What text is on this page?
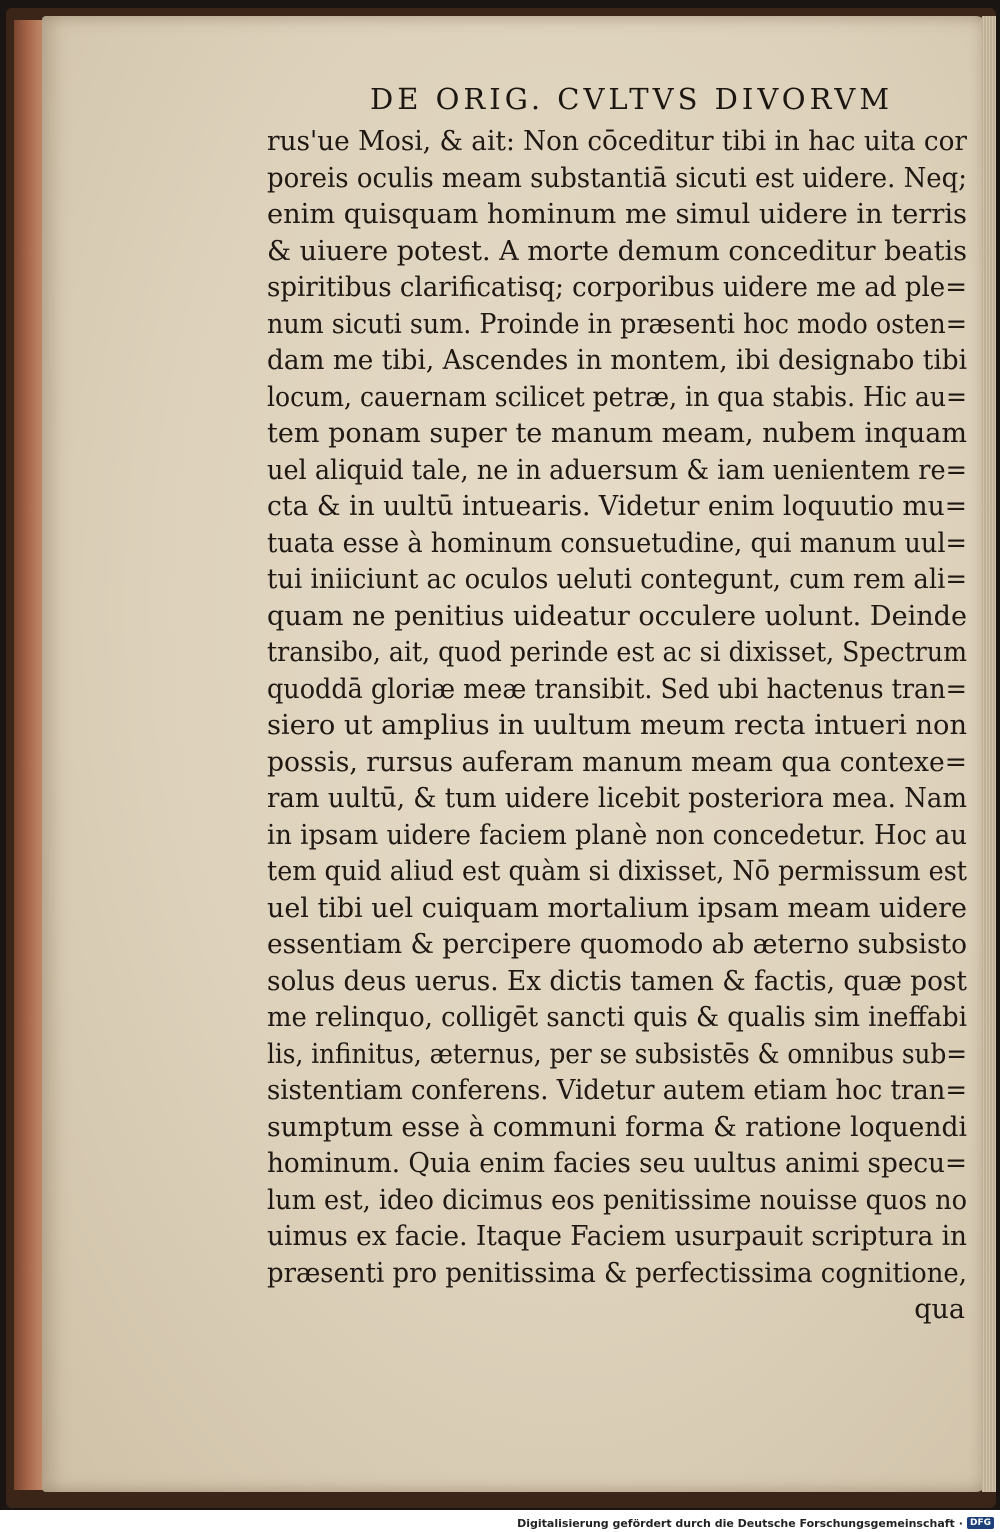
DE ORIG. CVLTVS DIVORVM
rus'ue Mosi, & ait: Non cōceditur tibi in hac uita cor
poreis oculis meam substantiā sicuti est uidere. Neq;
enim quisquam hominum me simul uidere in terris
& uiuere potest. A morte demum conceditur beatis
spiritibus clarificatisq; corporibus uidere me ad ple=
num sicuti sum. Proinde in præsenti hoc modo osten=
dam me tibi, Ascendes in montem, ibi designabo tibi
locum, cauernam scilicet petræ, in qua stabis. Hic au=
tem ponam super te manum meam, nubem inquam
uel aliquid tale, ne in aduersum & iam uenientem re=
cta & in uultū intuearis. Videtur enim loquutio mu=
tuata esse à hominum consuetudine, qui manum uul=
tui iniiciunt ac oculos ueluti contegunt, cum rem ali=
quam ne penitius uideatur occulere uolunt. Deinde
transibo, ait, quod perinde est ac si dixisset, Spectrum
quoddā gloriæ meæ transibit. Sed ubi hactenus tran=
siero ut amplius in uultum meum recta intueri non
possis, rursus auferam manum meam qua contexe=
ram uultū, & tum uidere licebit posteriora mea. Nam
in ipsam uidere faciem planè non concedetur. Hoc au
tem quid aliud est quàm si dixisset, Nō permissum est
uel tibi uel cuiquam mortalium ipsam meam uidere
essentiam & percipere quomodo ab æterno subsisto
solus deus uerus. Ex dictis tamen & factis, quæ post
me relinquo, colligēt sancti quis & qualis sim ineffabi
lis, infinitus, æternus, per se subsistēs & omnibus sub=
sistentiam conferens. Videtur autem etiam hoc tran=
sumptum esse à communi forma & ratione loquendi
hominum. Quia enim facies seu uultus animi specu=
lum est, ideo dicimus eos penitissime nouisse quos no
uimus ex facie. Itaque Faciem usurpauit scriptura in
præsenti pro penitissima & perfectissima cognitione,
qua
Digitalisierung gefördert durch die Deutsche Forschungsgemeinschaft · DFG
